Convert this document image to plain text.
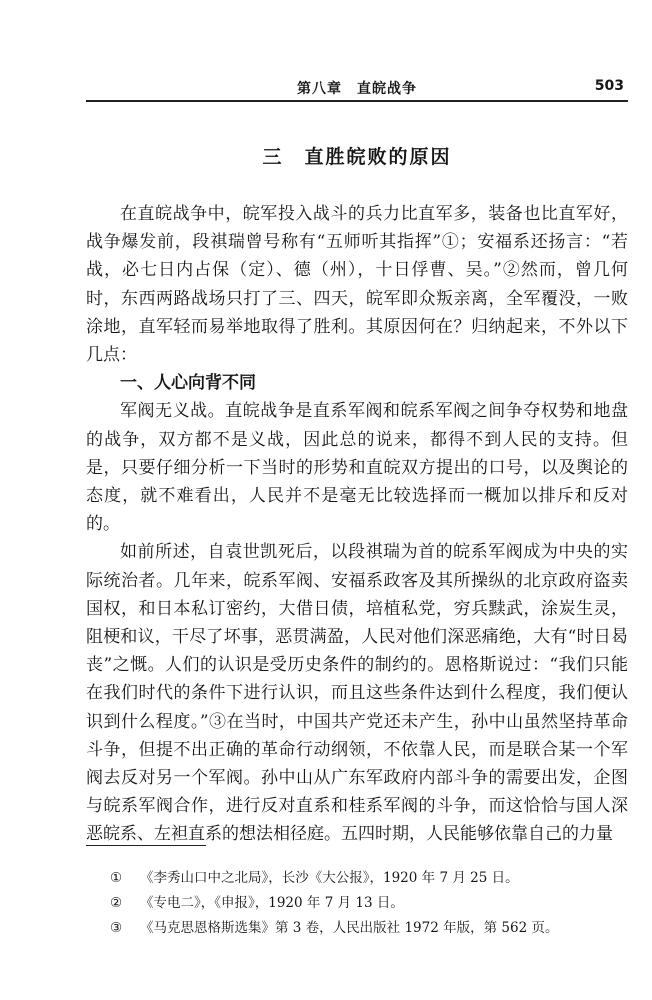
第八章　直皖战争	503
三　直胜皖败的原因

在直皖战争中，皖军投入战斗的兵力比直军多，装备也比直军好，战争爆发前，段祺瑞曾号称有“五师听其指挥”①；安福系还扬言：“若战，必七日内占保（定）、德（州），十日俘曹、吴。”②然而，曾几何时，东西两路战场只打了三、四天，皖军即众叛亲离，全军覆没，一败涂地，直军轻而易举地取得了胜利。其原因何在？归纳起来，不外以下几点：

一、人心向背不同

军阀无义战。直皖战争是直系军阀和皖系军阀之间争夺权势和地盘的战争，双方都不是义战，因此总的说来，都得不到人民的支持。但是，只要仔细分析一下当时的形势和直皖双方提出的口号，以及舆论的态度，就不难看出，人民并不是毫无比较选择而一概加以排斥和反对的。

如前所述，自袁世凯死后，以段祺瑞为首的皖系军阀成为中央的实际统治者。几年来，皖系军阀、安福系政客及其所操纵的北京政府盗卖国权，和日本私订密约，大借日债，培植私党，穷兵黩武，涂炭生灵，阻梗和议，干尽了坏事，恶贯满盈，人民对他们深恶痛绝，大有“时日曷丧”之慨。人们的认识是受历史条件的制约的。恩格斯说过：“我们只能在我们时代的条件下进行认识，而且这些条件达到什么程度，我们便认识到什么程度。”③在当时，中国共产党还未产生，孙中山虽然坚持革命斗争，但提不出正确的革命行动纲领，不依靠人民，而是联合某一个军阀去反对另一个军阀。孙中山从广东军政府内部斗争的需要出发，企图与皖系军阀合作，进行反对直系和桂系军阀的斗争，而这恰恰与国人深恶皖系、左袒直系的想法相径庭。五四时期，人民能够依靠自己的力量

① 《李秀山口中之北局》，长沙《大公报》，1920 年 7 月 25 日。
② 《专电二》，《申报》，1920 年 7 月 13 日。
③ 《马克思恩格斯选集》第 3 卷，人民出版社 1972 年版，第 562 页。
